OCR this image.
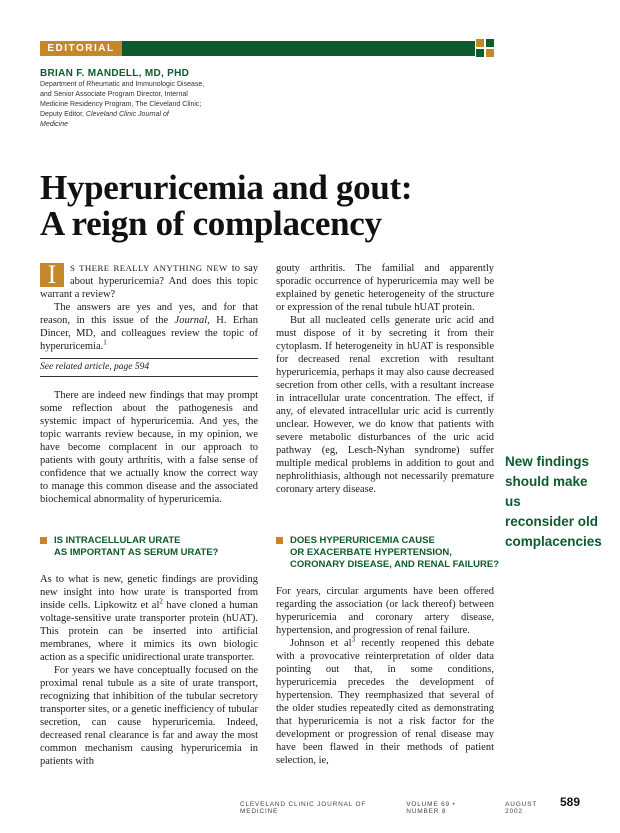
EDITORIAL
BRIAN F. MANDELL, MD, PHD
Department of Rheumatic and Immunologic Disease,
and Senior Associate Program Director, Internal
Medicine Residency Program, The Cleveland Clinic;
Deputy Editor, Cleveland Clinic Journal of
Medicine
Hyperuricemia and gout:
A reign of complacency

I	S THERE REALLY ANYTHING NEW to say about hyperuricemia? And does this topic warrant a review?

The answers are yes and yes, and for that reason, in this issue of the Journal, H. Erhan Dincer, MD, and colleagues review the topic of hyperuricemia.$^1$

See related article, page 594

There are indeed new findings that may prompt some reflection about the pathogenesis and systemic impact of hyperuricemia. And yes, the topic warrants review because, in my opinion, we have become complacent in our approach to patients with gouty arthritis, with a false sense of confidence that we actually know the correct way to manage this common disease and the associated biochemical abnormality of hyperuricemia.

IS INTRACELLULAR URATE
AS IMPORTANT AS SERUM URATE?

As to what is new, genetic findings are providing new insight into how urate is transported from inside cells. Lipkowitz et $al^2$ have cloned a human voltage-sensitive urate transporter protein (hUAT). This protein can be inserted into artificial membranes, where it mimics its own biologic action as a specific unidirectional urate transporter.

For years we have conceptually focused on the proximal renal tubule as a site of urate transport, recognizing that inhibition of the tubular secretory transporter sites, or a genetic inefficiency of tubular secretion, can cause hyperuricemia. Indeed, decreased renal clearance is far and away the most common mechanism causing hyperuricemia in patients with

gouty arthritis. The familial and apparently sporadic occurrence of hyperuricemia may well be explained by genetic heterogeneity of the structure or expression of the renal tubule hUAT protein.

But all nucleated cells generate uric acid and must dispose of it by secreting it from their cytoplasm. If heterogeneity in hUAT is responsible for decreased renal excretion with resultant hyperuricemia, perhaps it may also cause decreased secretion from other cells, with a resultant increase in intracellular urate concentration. The effect, if any, of elevated intracellular uric acid is currently unclear. However, we do know that patients with severe metabolic disturbances of the uric acid pathway (eg, Lesch-Nyhan syndrome) suffer multiple medical problems in addition to gout and nephrolithiasis, although not necessarily premature coronary artery disease.

DOES HYPERURICEMIA CAUSE
OR EXACERBATE HYPERTENSION,
CORONARY DISEASE, AND RENAL FAILURE?

For years, circular arguments have been offered regarding the association (or lack thereof) between hyperuricemia and coronary artery disease, hypertension, and progression of renal failure.

Johnson et $al^3$ recently reopened this debate with a provocative reinterpretation of older data pointing out that, in some conditions, hyperuricemia precedes the development of hypertension. They reemphasized that several of the older studies repeatedly cited as demonstrating that hyperuricemia is not a risk factor for the development or progression of renal disease may have been flawed in their methods of patient selection, ie,

New findings
should make us
reconsider old
complacencies
CLEVELAND CLINIC JOURNAL OF MEDICINE
VOLUME 69 • NUMBER 8
AUGUST 2002
589
